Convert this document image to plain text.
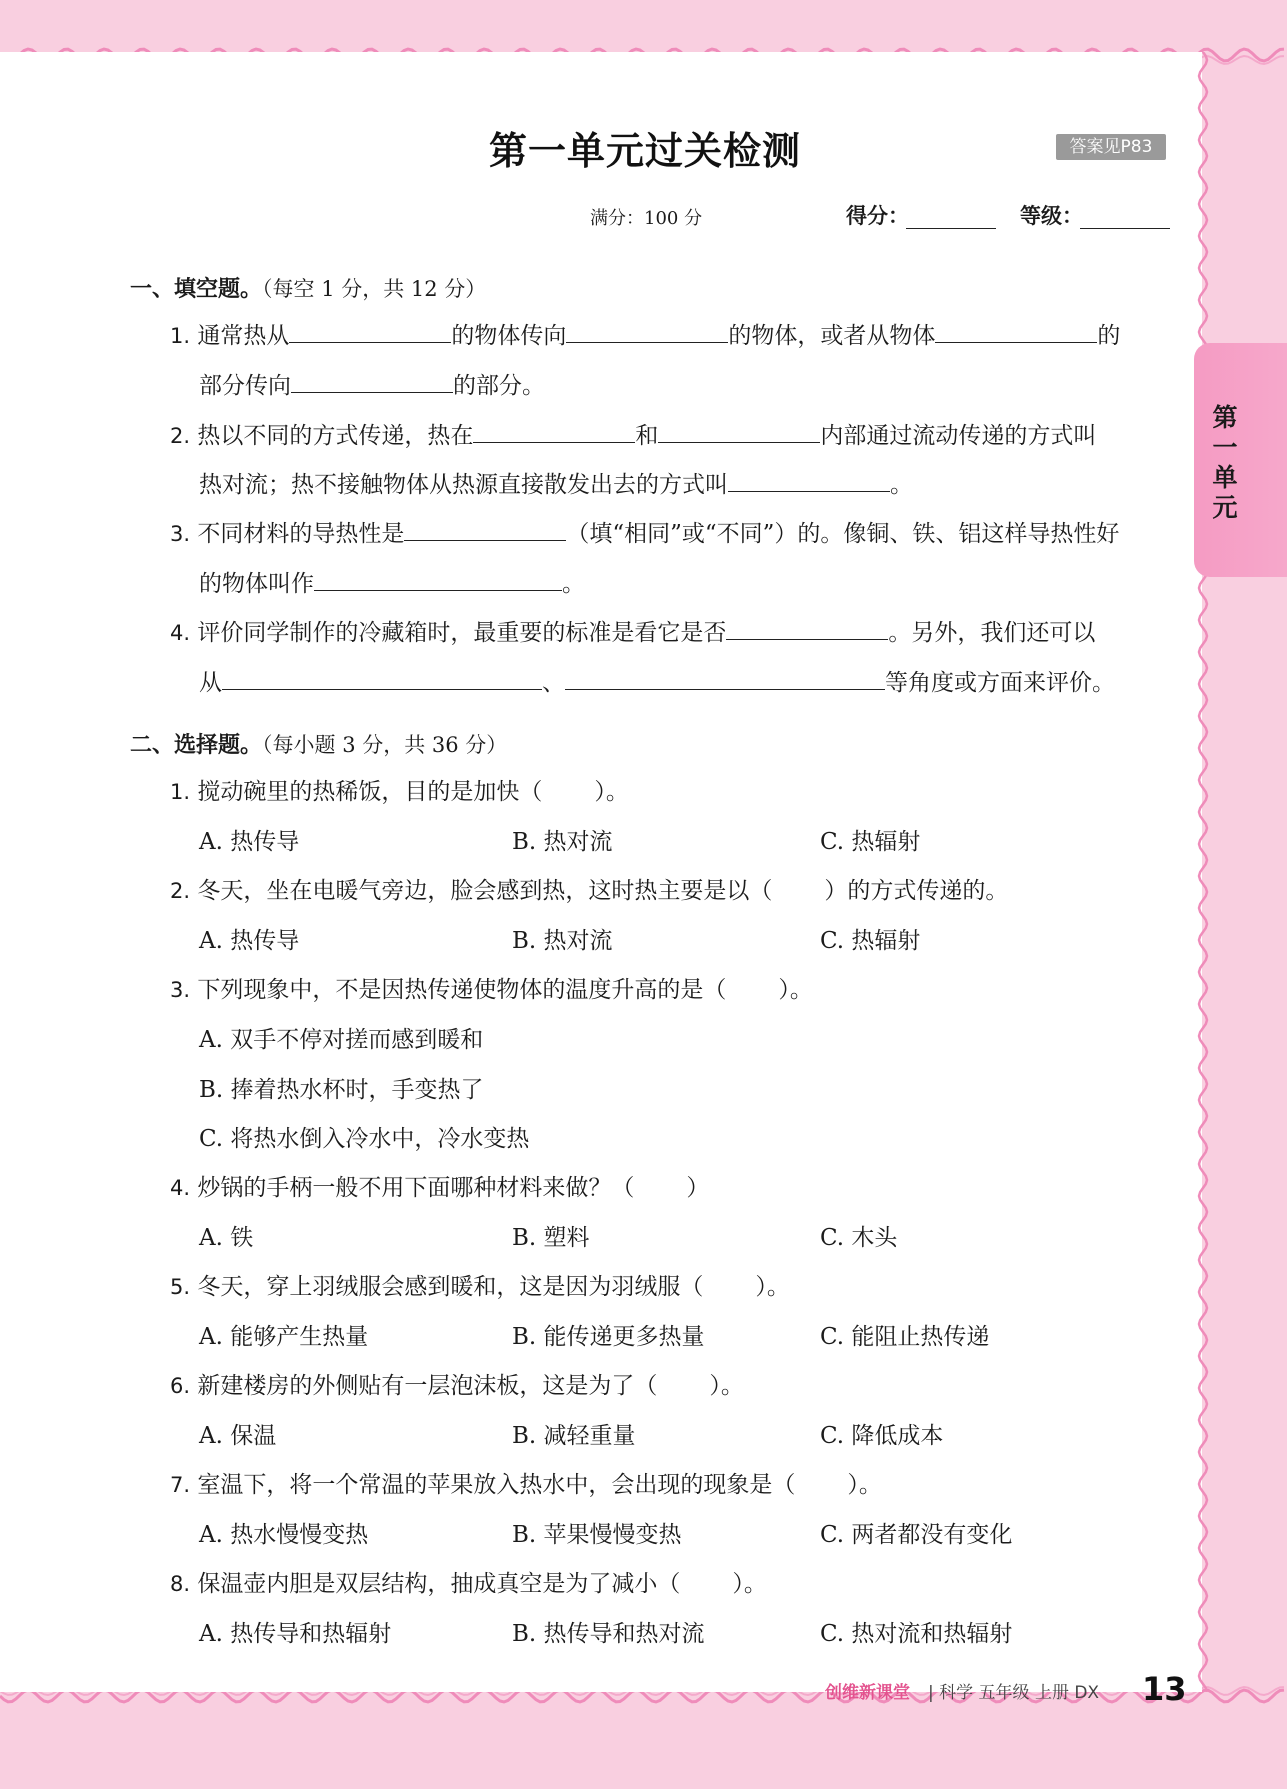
第一单元过关检测	答案见P83
满分：100 分	得分：	等级：
一、填空题。（每空 1 分，共 12 分）
1. 通常热从	的物体传向	的物体，或者从物体	的
部分传向	的部分。
2. 热以不同的方式传递，热在	和	内部通过流动传递的方式叫
热对流；热不接触物体从热源直接散发出去的方式叫	。
3. 不同材料的导热性是	（填“相同”或“不同”）的。像铜、铁、铝这样导热性好
的物体叫作	。
4. 评价同学制作的冷藏箱时，最重要的标准是看它是否	。另外，我们还可以
从	、	等角度或方面来评价。
二、选择题。（每小题 3 分，共 36 分）
1. 搅动碗里的热稀饭，目的是加快（ ）。
A. 热传导	B. 热对流	C. 热辐射
2. 冬天，坐在电暖气旁边，脸会感到热，这时热主要是以（ ）的方式传递的。
A. 热传导	B. 热对流	C. 热辐射
3. 下列现象中，不是因热传递使物体的温度升高的是（ ）。
A. 双手不停对搓而感到暖和
B. 捧着热水杯时，手变热了
C. 将热水倒入冷水中，冷水变热
4. 炒锅的手柄一般不用下面哪种材料来做？（ ）
A. 铁	B. 塑料	C. 木头
5. 冬天，穿上羽绒服会感到暖和，这是因为羽绒服（ ）。
A. 能够产生热量	B. 能传递更多热量	C. 能阻止热传递
6. 新建楼房的外侧贴有一层泡沫板，这是为了（ ）。
A. 保温	B. 减轻重量	C. 降低成本
7. 室温下，将一个常温的苹果放入热水中，会出现的现象是（ ）。
A. 热水慢慢变热	B. 苹果慢慢变热	C. 两者都没有变化
8. 保温壶内胆是双层结构，抽成真空是为了减小（ ）。
A. 热传导和热辐射	B. 热传导和热对流	C. 热对流和热辐射
第
一
单
元
创维新课堂 | 科学 五年级 上册 DX 13
